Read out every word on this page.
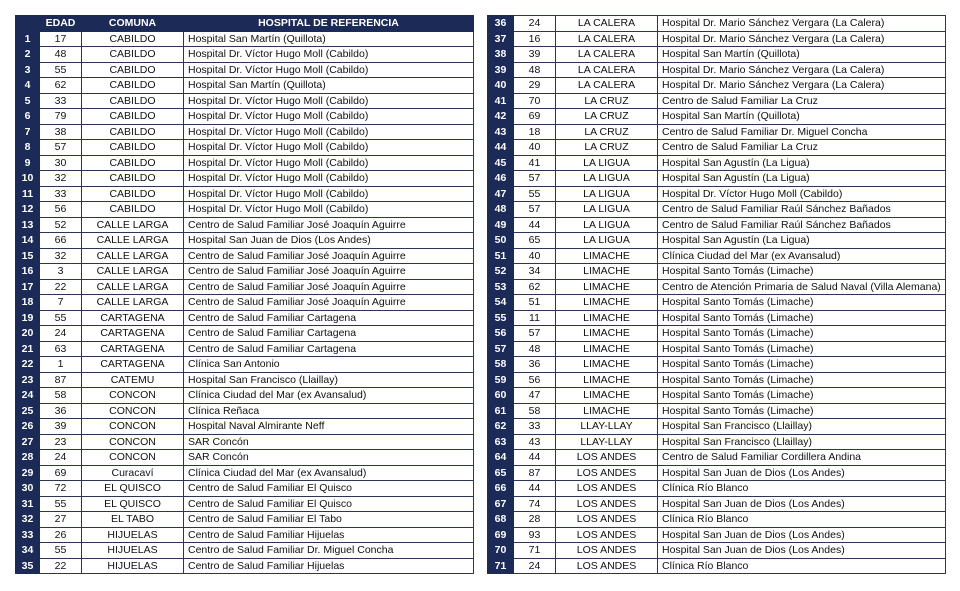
	EDAD	COMUNA	HOSPITAL DE REFERENCIA
1	17	CABILDO	Hospital San Martín (Quillota)
2	48	CABILDO	Hospital Dr. Víctor Hugo Moll (Cabildo)
3	55	CABILDO	Hospital Dr. Víctor Hugo Moll (Cabildo)
4	62	CABILDO	Hospital San Martín (Quillota)
5	33	CABILDO	Hospital Dr. Víctor Hugo Moll (Cabildo)
6	79	CABILDO	Hospital Dr. Víctor Hugo Moll (Cabildo)
7	38	CABILDO	Hospital Dr. Víctor Hugo Moll (Cabildo)
8	57	CABILDO	Hospital Dr. Víctor Hugo Moll (Cabildo)
9	30	CABILDO	Hospital Dr. Víctor Hugo Moll (Cabildo)
10	32	CABILDO	Hospital Dr. Víctor Hugo Moll (Cabildo)
11	33	CABILDO	Hospital Dr. Víctor Hugo Moll (Cabildo)
12	56	CABILDO	Hospital Dr. Víctor Hugo Moll (Cabildo)
13	52	CALLE LARGA	Centro de Salud Familiar José Joaquín Aguirre
14	66	CALLE LARGA	Hospital San Juan de Dios (Los Andes)
15	32	CALLE LARGA	Centro de Salud Familiar José Joaquín Aguirre
16	3	CALLE LARGA	Centro de Salud Familiar José Joaquín Aguirre
17	22	CALLE LARGA	Centro de Salud Familiar José Joaquín Aguirre
18	7	CALLE LARGA	Centro de Salud Familiar José Joaquín Aguirre
19	55	CARTAGENA	Centro de Salud Familiar Cartagena
20	24	CARTAGENA	Centro de Salud Familiar Cartagena
21	63	CARTAGENA	Centro de Salud Familiar Cartagena
22	1	CARTAGENA	Clínica San Antonio
23	87	CATEMU	Hospital San Francisco (Llaillay)
24	58	CONCON	Clínica Ciudad del Mar (ex Avansalud)
25	36	CONCON	Clínica Reñaca
26	39	CONCON	Hospital Naval Almirante Neff
27	23	CONCON	SAR Concón
28	24	CONCON	SAR Concón
29	69	Curacaví	Clínica Ciudad del Mar (ex Avansalud)
30	72	EL QUISCO	Centro de Salud Familiar El Quisco
31	55	EL QUISCO	Centro de Salud Familiar El Quisco
32	27	EL TABO	Centro de Salud Familiar El Tabo
33	26	HIJUELAS	Centro de Salud Familiar Hijuelas
34	55	HIJUELAS	Centro de Salud Familiar Dr. Miguel Concha
35	22	HIJUELAS	Centro de Salud Familiar Hijuelas
36	24	LA CALERA	Hospital Dr. Mario Sánchez Vergara (La Calera)
37	16	LA CALERA	Hospital Dr. Mario Sánchez Vergara (La Calera)
38	39	LA CALERA	Hospital San Martín (Quillota)
39	48	LA CALERA	Hospital Dr. Mario Sánchez Vergara (La Calera)
40	29	LA CALERA	Hospital Dr. Mario Sánchez Vergara (La Calera)
41	70	LA CRUZ	Centro de Salud Familiar La Cruz
42	69	LA CRUZ	Hospital San Martín (Quillota)
43	18	LA CRUZ	Centro de Salud Familiar Dr. Miguel Concha
44	40	LA CRUZ	Centro de Salud Familiar La Cruz
45	41	LA LIGUA	Hospital San Agustín (La Ligua)
46	57	LA LIGUA	Hospital San Agustín (La Ligua)
47	55	LA LIGUA	Hospital Dr. Víctor Hugo Moll (Cabildo)
48	57	LA LIGUA	Centro de Salud Familiar Raúl Sánchez Bañados
49	44	LA LIGUA	Centro de Salud Familiar Raúl Sánchez Bañados
50	65	LA LIGUA	Hospital San Agustín (La Ligua)
51	40	LIMACHE	Clínica Ciudad del Mar (ex Avansalud)
52	34	LIMACHE	Hospital Santo Tomás (Limache)
53	62	LIMACHE	Centro de Atención Primaria de Salud Naval (Villa Alemana)
54	51	LIMACHE	Hospital Santo Tomás (Limache)
55	11	LIMACHE	Hospital Santo Tomás (Limache)
56	57	LIMACHE	Hospital Santo Tomás (Limache)
57	48	LIMACHE	Hospital Santo Tomás (Limache)
58	36	LIMACHE	Hospital Santo Tomás (Limache)
59	56	LIMACHE	Hospital Santo Tomás (Limache)
60	47	LIMACHE	Hospital Santo Tomás (Limache)
61	58	LIMACHE	Hospital Santo Tomás (Limache)
62	33	LLAY-LLAY	Hospital San Francisco (Llaillay)
63	43	LLAY-LLAY	Hospital San Francisco (Llaillay)
64	44	LOS ANDES	Centro de Salud Familiar Cordillera Andina
65	87	LOS ANDES	Hospital San Juan de Dios (Los Andes)
66	44	LOS ANDES	Clínica Río Blanco
67	74	LOS ANDES	Hospital San Juan de Dios (Los Andes)
68	28	LOS ANDES	Clínica Río Blanco
69	93	LOS ANDES	Hospital San Juan de Dios (Los Andes)
70	71	LOS ANDES	Hospital San Juan de Dios (Los Andes)
71	24	LOS ANDES	Clínica Río Blanco
